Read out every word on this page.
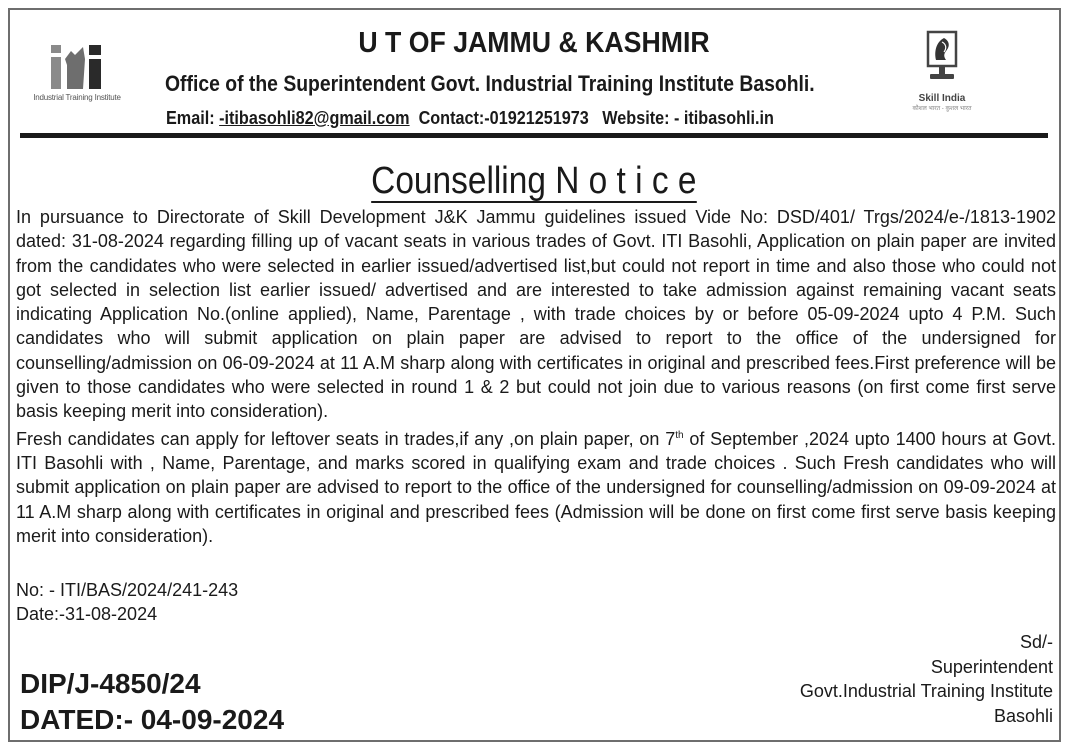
Industrial Training Institute	Skill India
कौशल भारत - कुशल भारत
U T OF JAMMU & KASHMIR
Office of the Superintendent Govt. Industrial Training Institute Basohli.
Email: -itibasohli82@gmail.com Contact:-01921251973 Website: - itibasohli.in
Counselling N o t i c e

In pursuance to Directorate of Skill Development J&K Jammu guidelines issued Vide No: DSD/401/ Trgs/2024/e-/1813-1902 dated: 31-08-2024 regarding filling up of vacant seats in various trades of Govt. ITI Basohli, Application on plain paper are invited from the candidates who were selected in earlier issued/advertised list,but could not report in time and also those who could not got selected in selection list earlier issued/ advertised and are interested to take admission against remaining vacant seats indicating Application No.(online applied), Name, Parentage , with trade choices by or before 05-09-2024 upto 4 P.M. Such candidates who will submit application on plain paper are advised to report to the office of the undersigned for counselling/admission on 06-09-2024 at 11 A.M sharp along with certificates in original and prescribed fees.First preference will be given to those candidates who were selected in round 1 & 2 but could not join due to various reasons (on first come first serve basis keeping merit into consideration).

Fresh candidates can apply for leftover seats in trades,if any ,on plain paper, on 7th of September ,2024 upto 1400 hours at Govt. ITI Basohli with , Name, Parentage, and marks scored in qualifying exam and trade choices . Such Fresh candidates who will submit application on plain paper are advised to report to the office of the undersigned for counselling/admission on 09-09-2024 at 11 A.M sharp along with certificates in original and prescribed fees (Admission will be done on first come first serve basis keeping merit into consideration).

No: - ITI/BAS/2024/241-243
Date:-31-08-2024
DIP/J-4850/24
DATED:- 04-09-2024
Sd/-
Superintendent
Govt.Industrial Training Institute
Basohli
